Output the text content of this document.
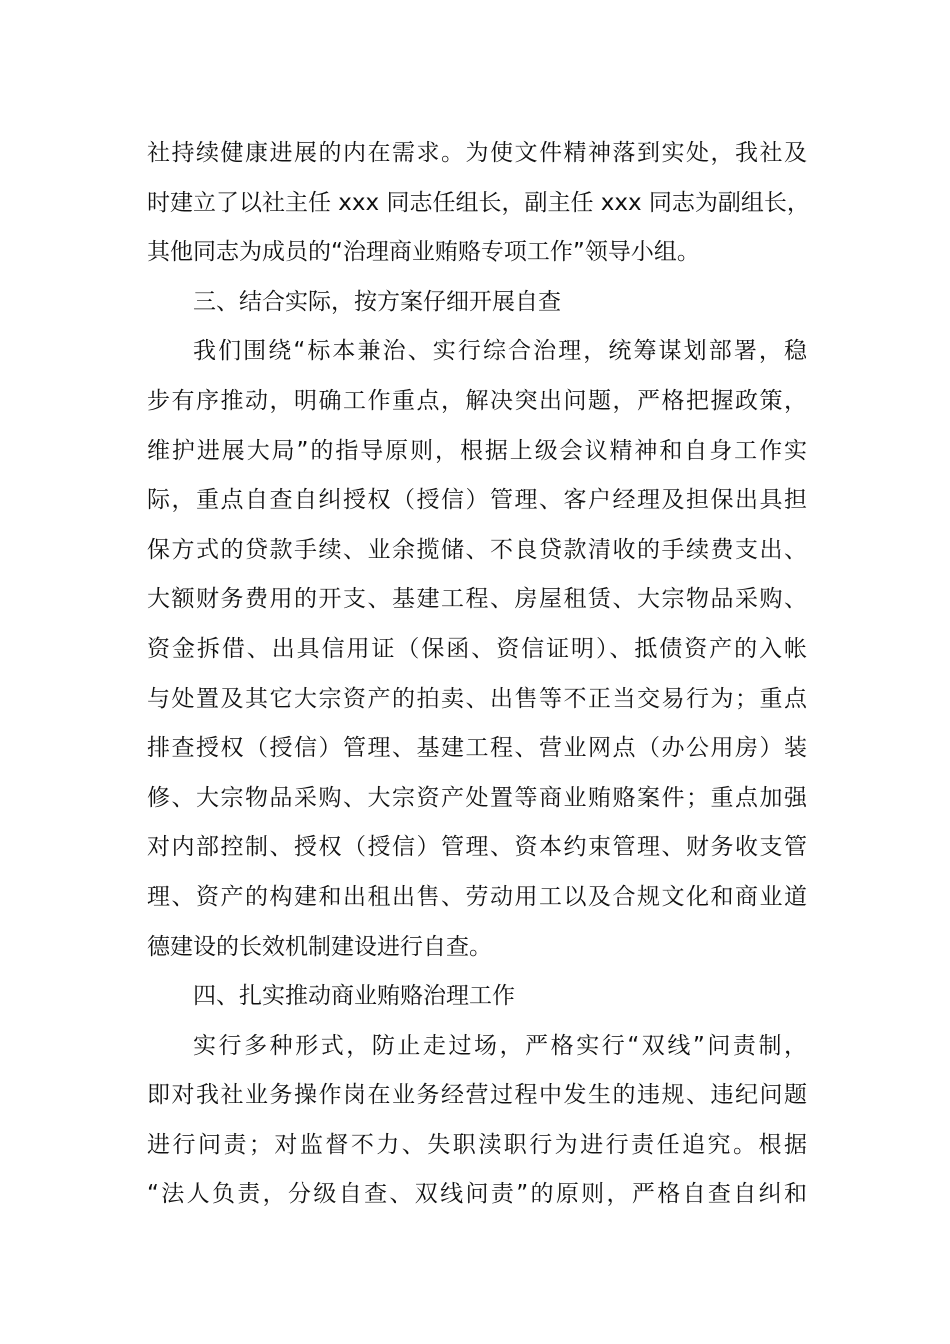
社持续健康进展的内在需求。为使文件精神落到实处，我社及
时建立了以社主任 xxx 同志任组长，副主任 xxx 同志为副组长，
其他同志为成员的“治理商业贿赂专项工作”领导小组。
三、结合实际，按方案仔细开展自查
我们围绕“标本兼治、实行综合治理，统筹谋划部署，稳
步有序推动，明确工作重点，解决突出问题，严格把握政策，
维护进展大局”的指导原则，根据上级会议精神和自身工作实
际，重点自查自纠授权（授信）管理、客户经理及担保出具担
保方式的贷款手续、业余揽储、不良贷款清收的手续费支出、
大额财务费用的开支、基建工程、房屋租赁、大宗物品采购、
资金拆借、出具信用证（保函、资信证明）、抵债资产的入帐
与处置及其它大宗资产的拍卖、出售等不正当交易行为；重点
排查授权（授信）管理、基建工程、营业网点（办公用房）装
修、大宗物品采购、大宗资产处置等商业贿赂案件；重点加强
对内部控制、授权（授信）管理、资本约束管理、财务收支管
理、资产的构建和出租出售、劳动用工以及合规文化和商业道
德建设的长效机制建设进行自查。
四、扎实推动商业贿赂治理工作
实行多种形式，防止走过场，严格实行“双线”问责制，
即对我社业务操作岗在业务经营过程中发生的违规、违纪问题
进行问责；对监督不力、失职渎职行为进行责任追究。根据
“法人负责，分级自查、双线问责”的原则，严格自查自纠和
